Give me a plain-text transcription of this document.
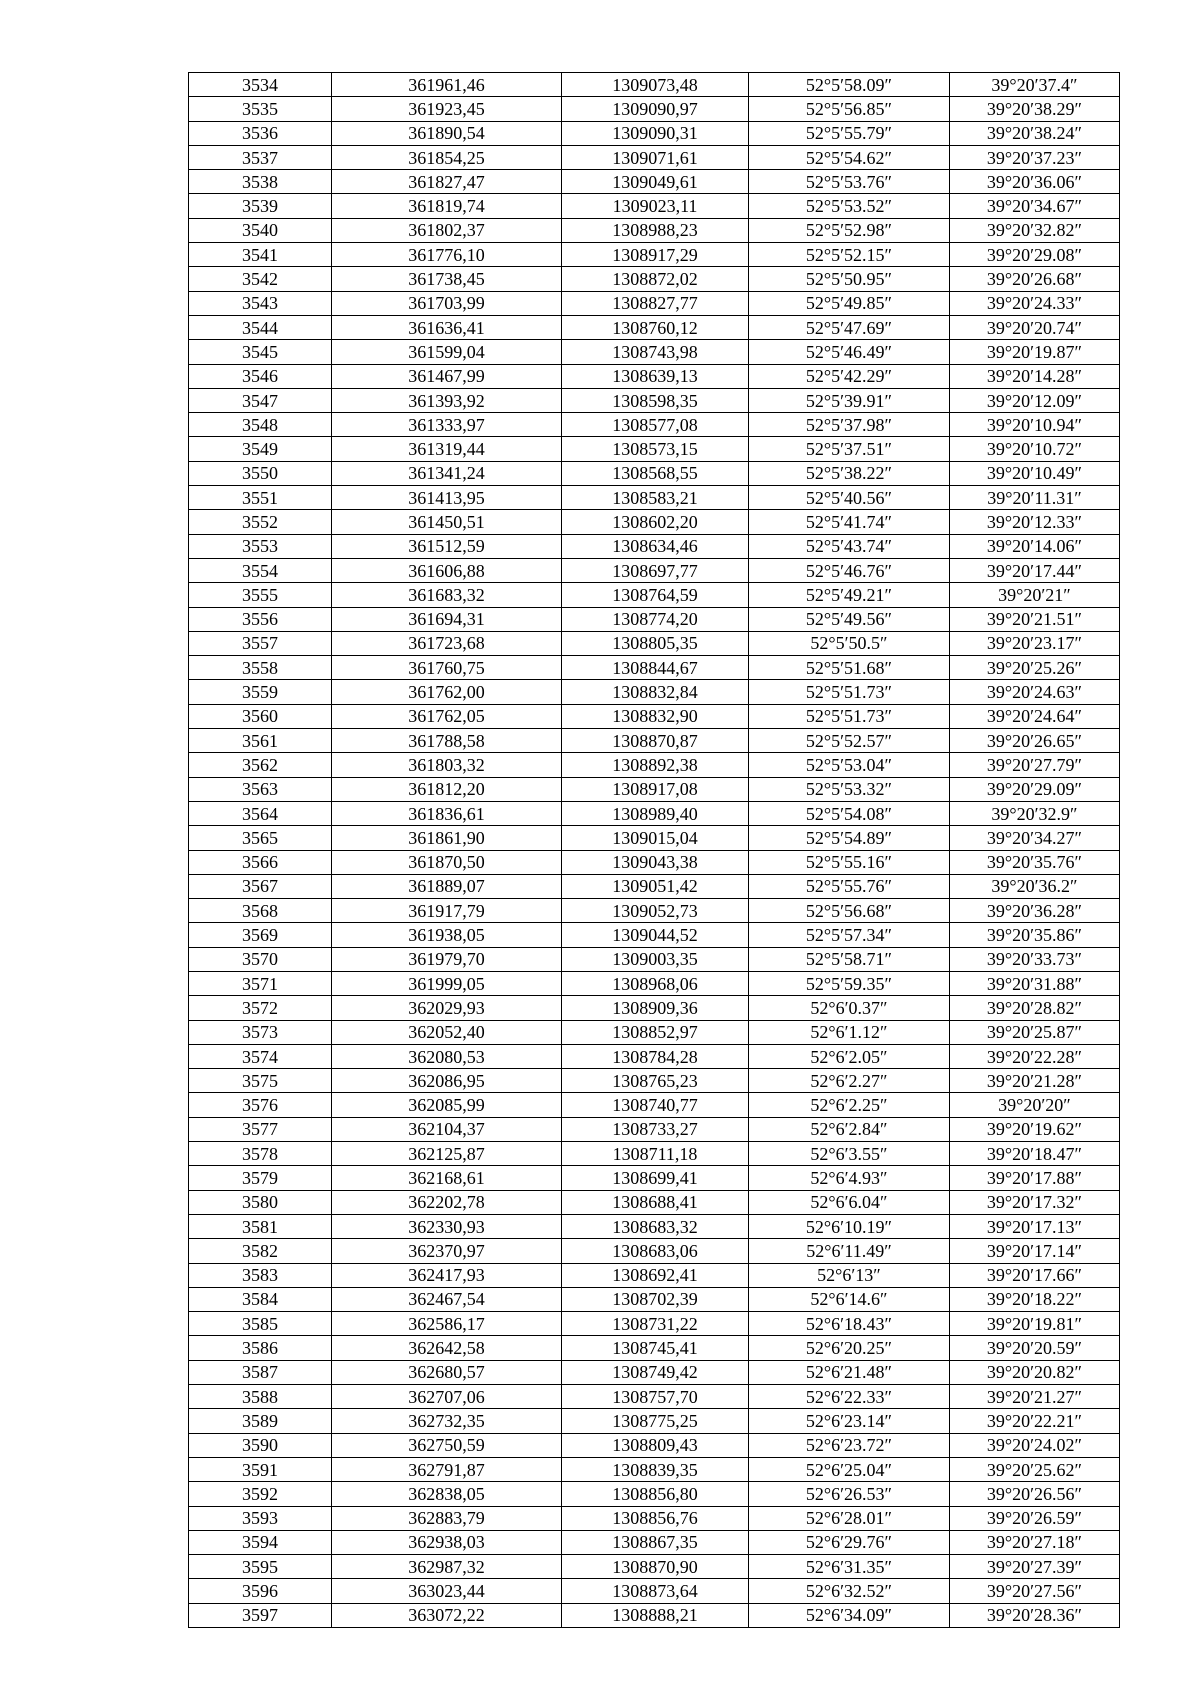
3534	361961,46	1309073,48	52°5′58.09″	39°20′37.4″
3535	361923,45	1309090,97	52°5′56.85″	39°20′38.29″
3536	361890,54	1309090,31	52°5′55.79″	39°20′38.24″
3537	361854,25	1309071,61	52°5′54.62″	39°20′37.23″
3538	361827,47	1309049,61	52°5′53.76″	39°20′36.06″
3539	361819,74	1309023,11	52°5′53.52″	39°20′34.67″
3540	361802,37	1308988,23	52°5′52.98″	39°20′32.82″
3541	361776,10	1308917,29	52°5′52.15″	39°20′29.08″
3542	361738,45	1308872,02	52°5′50.95″	39°20′26.68″
3543	361703,99	1308827,77	52°5′49.85″	39°20′24.33″
3544	361636,41	1308760,12	52°5′47.69″	39°20′20.74″
3545	361599,04	1308743,98	52°5′46.49″	39°20′19.87″
3546	361467,99	1308639,13	52°5′42.29″	39°20′14.28″
3547	361393,92	1308598,35	52°5′39.91″	39°20′12.09″
3548	361333,97	1308577,08	52°5′37.98″	39°20′10.94″
3549	361319,44	1308573,15	52°5′37.51″	39°20′10.72″
3550	361341,24	1308568,55	52°5′38.22″	39°20′10.49″
3551	361413,95	1308583,21	52°5′40.56″	39°20′11.31″
3552	361450,51	1308602,20	52°5′41.74″	39°20′12.33″
3553	361512,59	1308634,46	52°5′43.74″	39°20′14.06″
3554	361606,88	1308697,77	52°5′46.76″	39°20′17.44″
3555	361683,32	1308764,59	52°5′49.21″	39°20′21″
3556	361694,31	1308774,20	52°5′49.56″	39°20′21.51″
3557	361723,68	1308805,35	52°5′50.5″	39°20′23.17″
3558	361760,75	1308844,67	52°5′51.68″	39°20′25.26″
3559	361762,00	1308832,84	52°5′51.73″	39°20′24.63″
3560	361762,05	1308832,90	52°5′51.73″	39°20′24.64″
3561	361788,58	1308870,87	52°5′52.57″	39°20′26.65″
3562	361803,32	1308892,38	52°5′53.04″	39°20′27.79″
3563	361812,20	1308917,08	52°5′53.32″	39°20′29.09″
3564	361836,61	1308989,40	52°5′54.08″	39°20′32.9″
3565	361861,90	1309015,04	52°5′54.89″	39°20′34.27″
3566	361870,50	1309043,38	52°5′55.16″	39°20′35.76″
3567	361889,07	1309051,42	52°5′55.76″	39°20′36.2″
3568	361917,79	1309052,73	52°5′56.68″	39°20′36.28″
3569	361938,05	1309044,52	52°5′57.34″	39°20′35.86″
3570	361979,70	1309003,35	52°5′58.71″	39°20′33.73″
3571	361999,05	1308968,06	52°5′59.35″	39°20′31.88″
3572	362029,93	1308909,36	52°6′0.37″	39°20′28.82″
3573	362052,40	1308852,97	52°6′1.12″	39°20′25.87″
3574	362080,53	1308784,28	52°6′2.05″	39°20′22.28″
3575	362086,95	1308765,23	52°6′2.27″	39°20′21.28″
3576	362085,99	1308740,77	52°6′2.25″	39°20′20″
3577	362104,37	1308733,27	52°6′2.84″	39°20′19.62″
3578	362125,87	1308711,18	52°6′3.55″	39°20′18.47″
3579	362168,61	1308699,41	52°6′4.93″	39°20′17.88″
3580	362202,78	1308688,41	52°6′6.04″	39°20′17.32″
3581	362330,93	1308683,32	52°6′10.19″	39°20′17.13″
3582	362370,97	1308683,06	52°6′11.49″	39°20′17.14″
3583	362417,93	1308692,41	52°6′13″	39°20′17.66″
3584	362467,54	1308702,39	52°6′14.6″	39°20′18.22″
3585	362586,17	1308731,22	52°6′18.43″	39°20′19.81″
3586	362642,58	1308745,41	52°6′20.25″	39°20′20.59″
3587	362680,57	1308749,42	52°6′21.48″	39°20′20.82″
3588	362707,06	1308757,70	52°6′22.33″	39°20′21.27″
3589	362732,35	1308775,25	52°6′23.14″	39°20′22.21″
3590	362750,59	1308809,43	52°6′23.72″	39°20′24.02″
3591	362791,87	1308839,35	52°6′25.04″	39°20′25.62″
3592	362838,05	1308856,80	52°6′26.53″	39°20′26.56″
3593	362883,79	1308856,76	52°6′28.01″	39°20′26.59″
3594	362938,03	1308867,35	52°6′29.76″	39°20′27.18″
3595	362987,32	1308870,90	52°6′31.35″	39°20′27.39″
3596	363023,44	1308873,64	52°6′32.52″	39°20′27.56″
3597	363072,22	1308888,21	52°6′34.09″	39°20′28.36″
